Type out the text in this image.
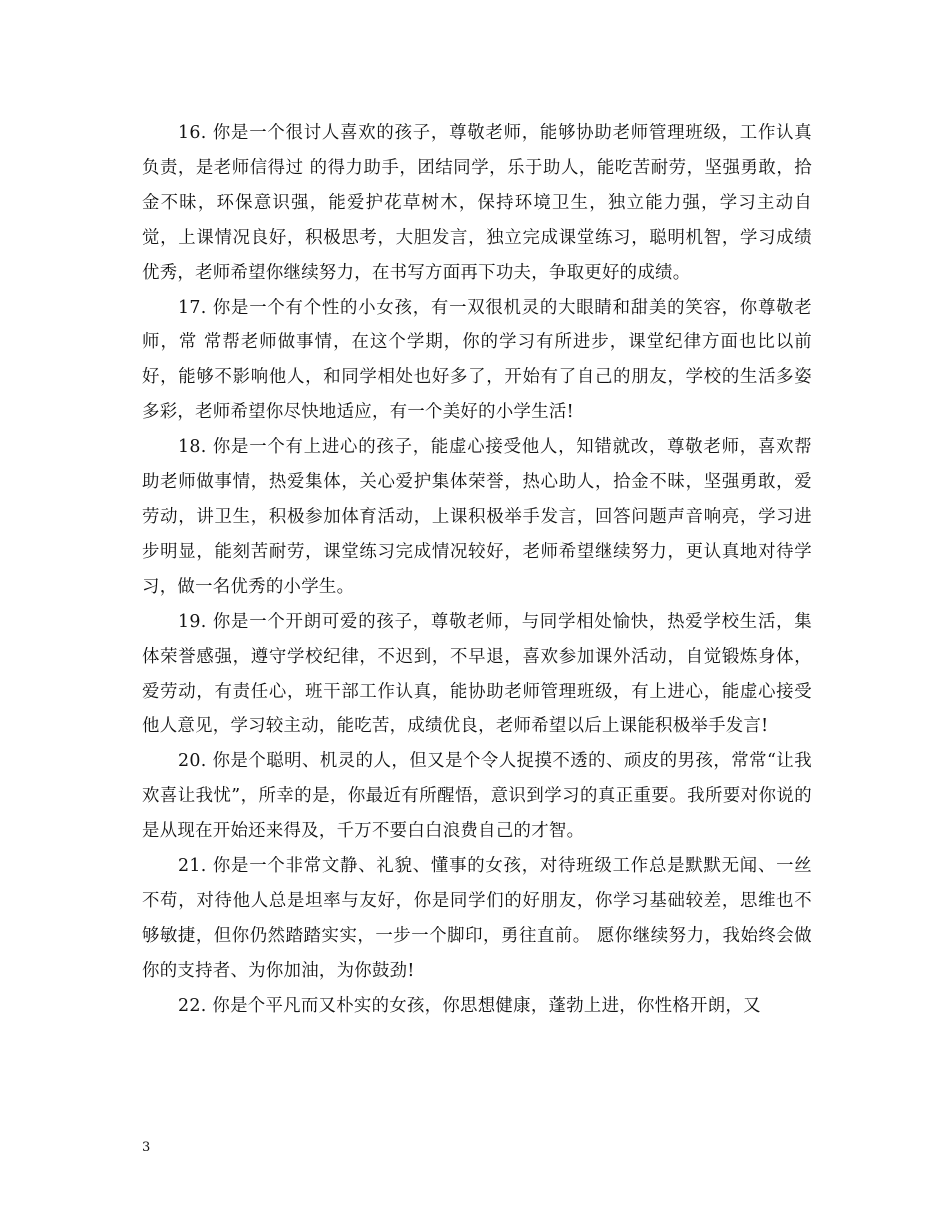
16. 你是一个很讨人喜欢的孩子，尊敬老师，能够协助老师管理班级，工作认真负责，是老师信得过 的得力助手，团结同学，乐于助人，能吃苦耐劳，坚强勇敢，拾金不昧，环保意识强，能爱护花草树木，保持环境卫生，独立能力强，学习主动自觉，上课情况良好，积极思考，大胆发言，独立完成课堂练习，聪明机智，学习成绩优秀，老师希望你继续努力，在书写方面再下功夫，争取更好的成绩。

17. 你是一个有个性的小女孩，有一双很机灵的大眼睛和甜美的笑容，你尊敬老师，常 常帮老师做事情，在这个学期，你的学习有所进步，课堂纪律方面也比以前好，能够不影响他人，和同学相处也好多了，开始有了自己的朋友，学校的生活多姿多彩，老师希望你尽快地适应，有一个美好的小学生活!

18. 你是一个有上进心的孩子，能虚心接受他人，知错就改，尊敬老师，喜欢帮助老师做事情，热爱集体，关心爱护集体荣誉，热心助人，拾金不昧，坚强勇敢，爱劳动，讲卫生，积极参加体育活动，上课积极举手发言，回答问题声音响亮，学习进步明显，能刻苦耐劳，课堂练习完成情况较好，老师希望继续努力，更认真地对待学习，做一名优秀的小学生。

19. 你是一个开朗可爱的孩子，尊敬老师，与同学相处愉快，热爱学校生活，集体荣誉感强，遵守学校纪律，不迟到，不早退，喜欢参加课外活动，自觉锻炼身体，爱劳动，有责任心，班干部工作认真，能协助老师管理班级，有上进心，能虚心接受他人意见，学习较主动，能吃苦，成绩优良，老师希望以后上课能积极举手发言!

20. 你是个聪明、机灵的人，但又是个令人捉摸不透的、顽皮的男孩，常常“让我欢喜让我忧”，所幸的是，你最近有所醒悟，意识到学习的真正重要。我所要对你说的是从现在开始还来得及，千万不要白白浪费自己的才智。

21. 你是一个非常文静、礼貌、懂事的女孩，对待班级工作总是默默无闻、一丝不苟，对待他人总是坦率与友好，你是同学们的好朋友，你学习基础较差，思维也不够敏捷，但你仍然踏踏实实，一步一个脚印，勇往直前。 愿你继续努力，我始终会做你的支持者、为你加油，为你鼓劲!

22. 你是个平凡而又朴实的女孩，你思想健康，蓬勃上进，你性格开朗，又

3
